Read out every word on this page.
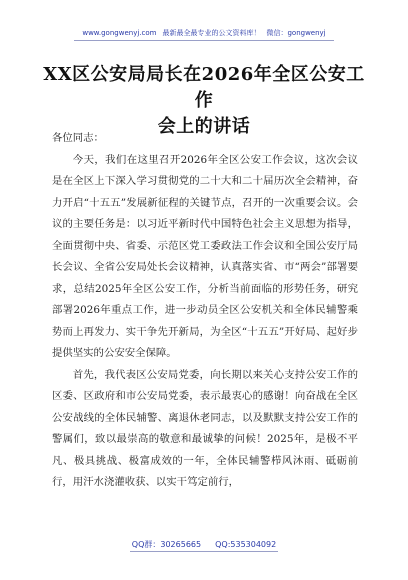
www.gongwenyj.com 最新最全最专业的公文资料库！ 微信：gongwenyj
XX区公安局局长在2026年全区公安工作
会上的讲话

各位同志：

今天，我们在这里召开2026年全区公安工作会议，这次会议是在全区上下深入学习贯彻党的二十大和二十届历次全会精神，奋力开启“十五五”发展新征程的关键节点，召开的一次重要会议。会议的主要任务是：以习近平新时代中国特色社会主义思想为指导，全面贯彻中央、省委、示范区党工委政法工作会议和全国公安厅局长会议、全省公安局处长会议精神，认真落实省、市“两会”部署要求，总结2025年全区公安工作，分析当前面临的形势任务，研究部署2026年重点工作，进一步动员全区公安机关和全体民辅警乘势而上再发力、实干争先开新局，为全区“十五五”开好局、起好步提供坚实的公安安全保障。

首先，我代表区公安局党委，向长期以来关心支持公安工作的区委、区政府和市公安局党委，表示最衷心的感谢！向奋战在全区公安战线的全体民辅警、离退休老同志，以及默默支持公安工作的警属们，致以最崇高的敬意和最诚挚的问候！2025年，是极不平凡、极具挑战、极富成效的一年，全体民辅警栉风沐雨、砥砺前行，用汗水浇灌收获、以实干笃定前行，

QQ群：30265665 QQ:535304092
